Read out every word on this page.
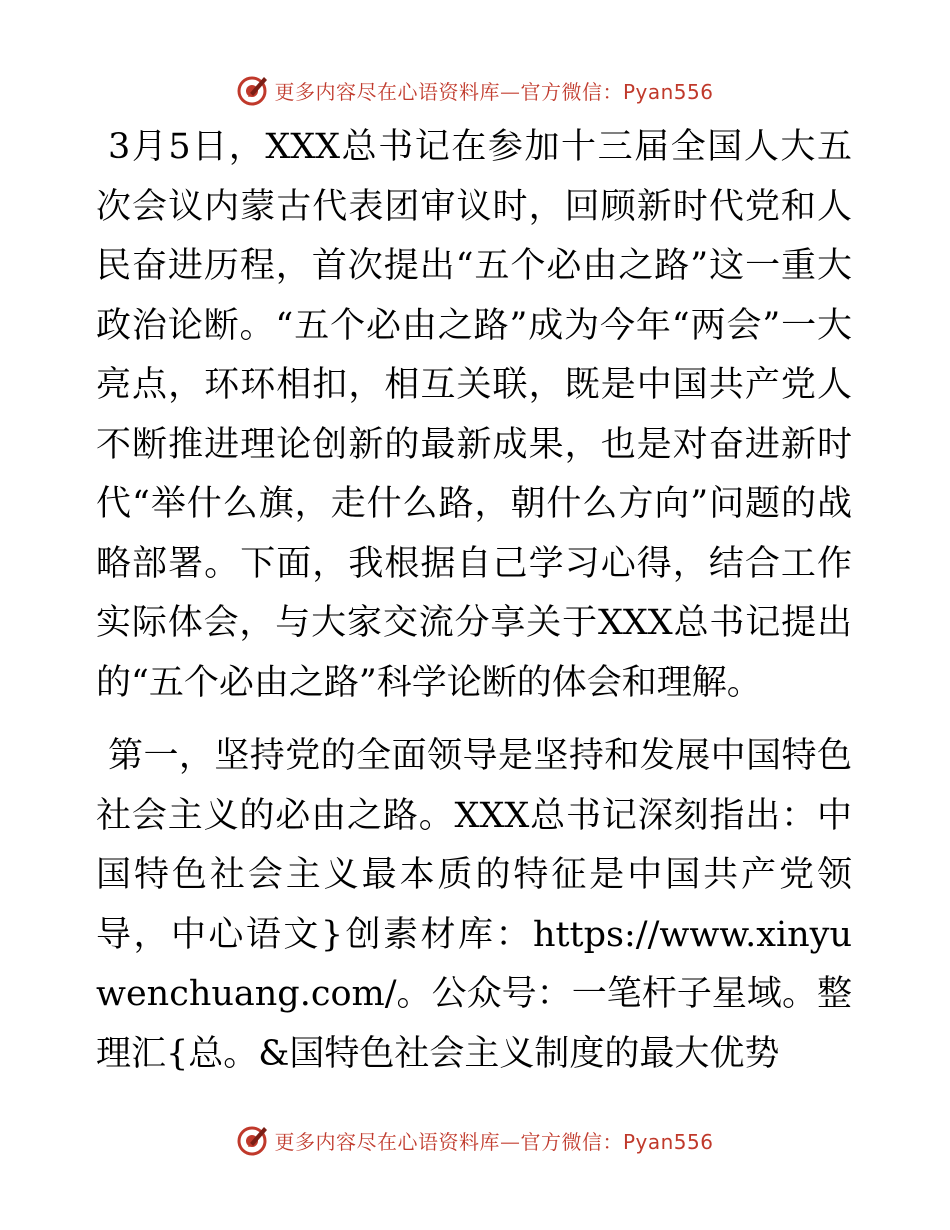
更多内容尽在心语资料库—官方微信：Pyan556

3月5日，XXX总书记在参加十三届全国人大五次会议内蒙古代表团审议时，回顾新时代党和人民奋进历程，首次提出“五个必由之路”这一重大政治论断。“五个必由之路”成为今年“两会”一大亮点，环环相扣，相互关联，既是中国共产党人不断推进理论创新的最新成果，也是对奋进新时代“举什么旗，走什么路，朝什么方向”问题的战略部署。下面，我根据自己学习心得，结合工作实际体会，与大家交流分享关于XXX总书记提出的“五个必由之路”科学论断的体会和理解。

第一，坚持党的全面领导是坚持和发展中国特色社会主义的必由之路。XXX总书记深刻指出：中国特色社会主义最本质的特征是中国共产党领导，中心语文}创素材库：https://www.xinyuwenchuang.com/。公众号：一笔杆子星域。整理汇{总。&国特色社会主义制度的最大优势

更多内容尽在心语资料库—官方微信：Pyan556
